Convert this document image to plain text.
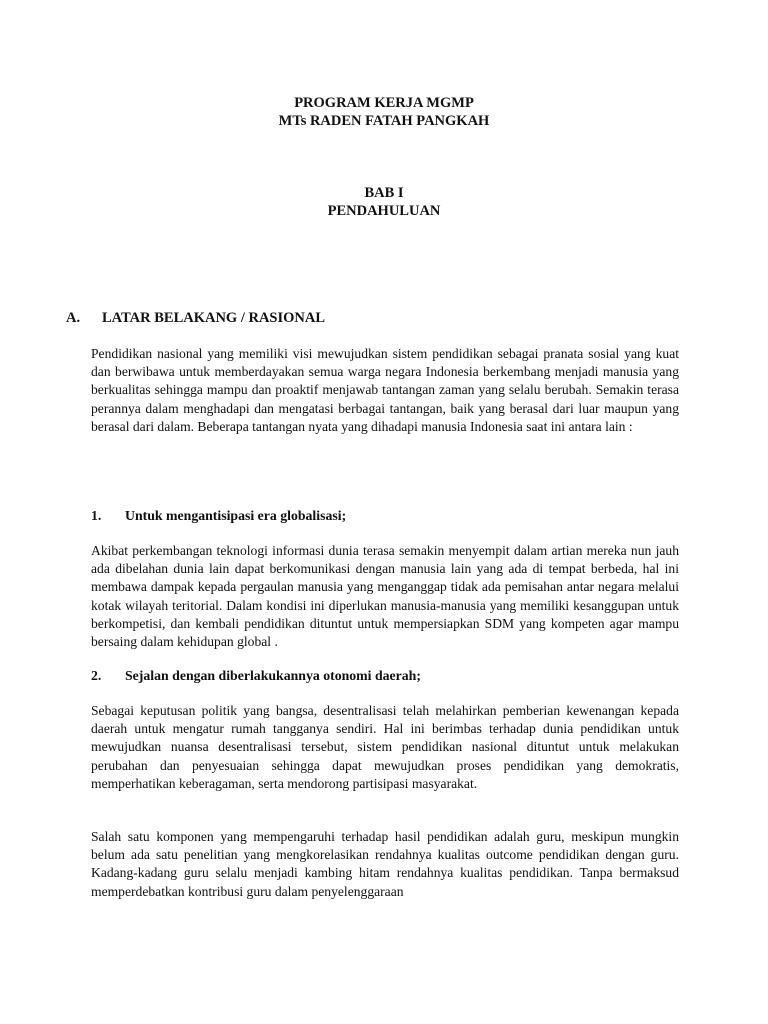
PROGRAM KERJA MGMP
MTs RADEN FATAH PANGKAH
BAB I
PENDAHULUAN
A. LATAR BELAKANG / RASIONAL

Pendidikan nasional yang memiliki visi mewujudkan sistem pendidikan sebagai pranata sosial yang kuat dan berwibawa untuk memberdayakan semua warga negara Indonesia berkembang menjadi manusia yang berkualitas sehingga mampu dan proaktif menjawab tantangan zaman yang selalu berubah. Semakin terasa perannya dalam menghadapi dan mengatasi berbagai tantangan, baik yang berasal dari luar maupun yang berasal dari dalam. Beberapa tantangan nyata yang dihadapi manusia Indonesia saat ini antara lain :

1. Untuk mengantisipasi era globalisasi;

Akibat perkembangan teknologi informasi dunia terasa semakin menyempit dalam artian mereka nun jauh ada dibelahan dunia lain dapat berkomunikasi dengan manusia lain yang ada di tempat berbeda, hal ini membawa dampak kepada pergaulan manusia yang menganggap tidak ada pemisahan antar negara melalui kotak wilayah teritorial. Dalam kondisi ini diperlukan manusia-manusia yang memiliki kesanggupan untuk berkompetisi, dan kembali pendidikan dituntut untuk mempersiapkan SDM yang kompeten agar mampu bersaing dalam kehidupan global .

2. Sejalan dengan diberlakukannya otonomi daerah;

Sebagai keputusan politik yang bangsa, desentralisasi telah melahirkan pemberian kewenangan kepada daerah untuk mengatur rumah tangganya sendiri. Hal ini berimbas terhadap dunia pendidikan untuk mewujudkan nuansa desentralisasi tersebut, sistem pendidikan nasional dituntut untuk melakukan perubahan dan penyesuaian sehingga dapat mewujudkan proses pendidikan yang demokratis, memperhatikan keberagaman, serta mendorong partisipasi masyarakat.

Salah satu komponen yang mempengaruhi terhadap hasil pendidikan adalah guru, meskipun mungkin belum ada satu penelitian yang mengkorelasikan rendahnya kualitas outcome pendidikan dengan guru. Kadang-kadang guru selalu menjadi kambing hitam rendahnya kualitas pendidikan. Tanpa bermaksud memperdebatkan kontribusi guru dalam penyelenggaraan
